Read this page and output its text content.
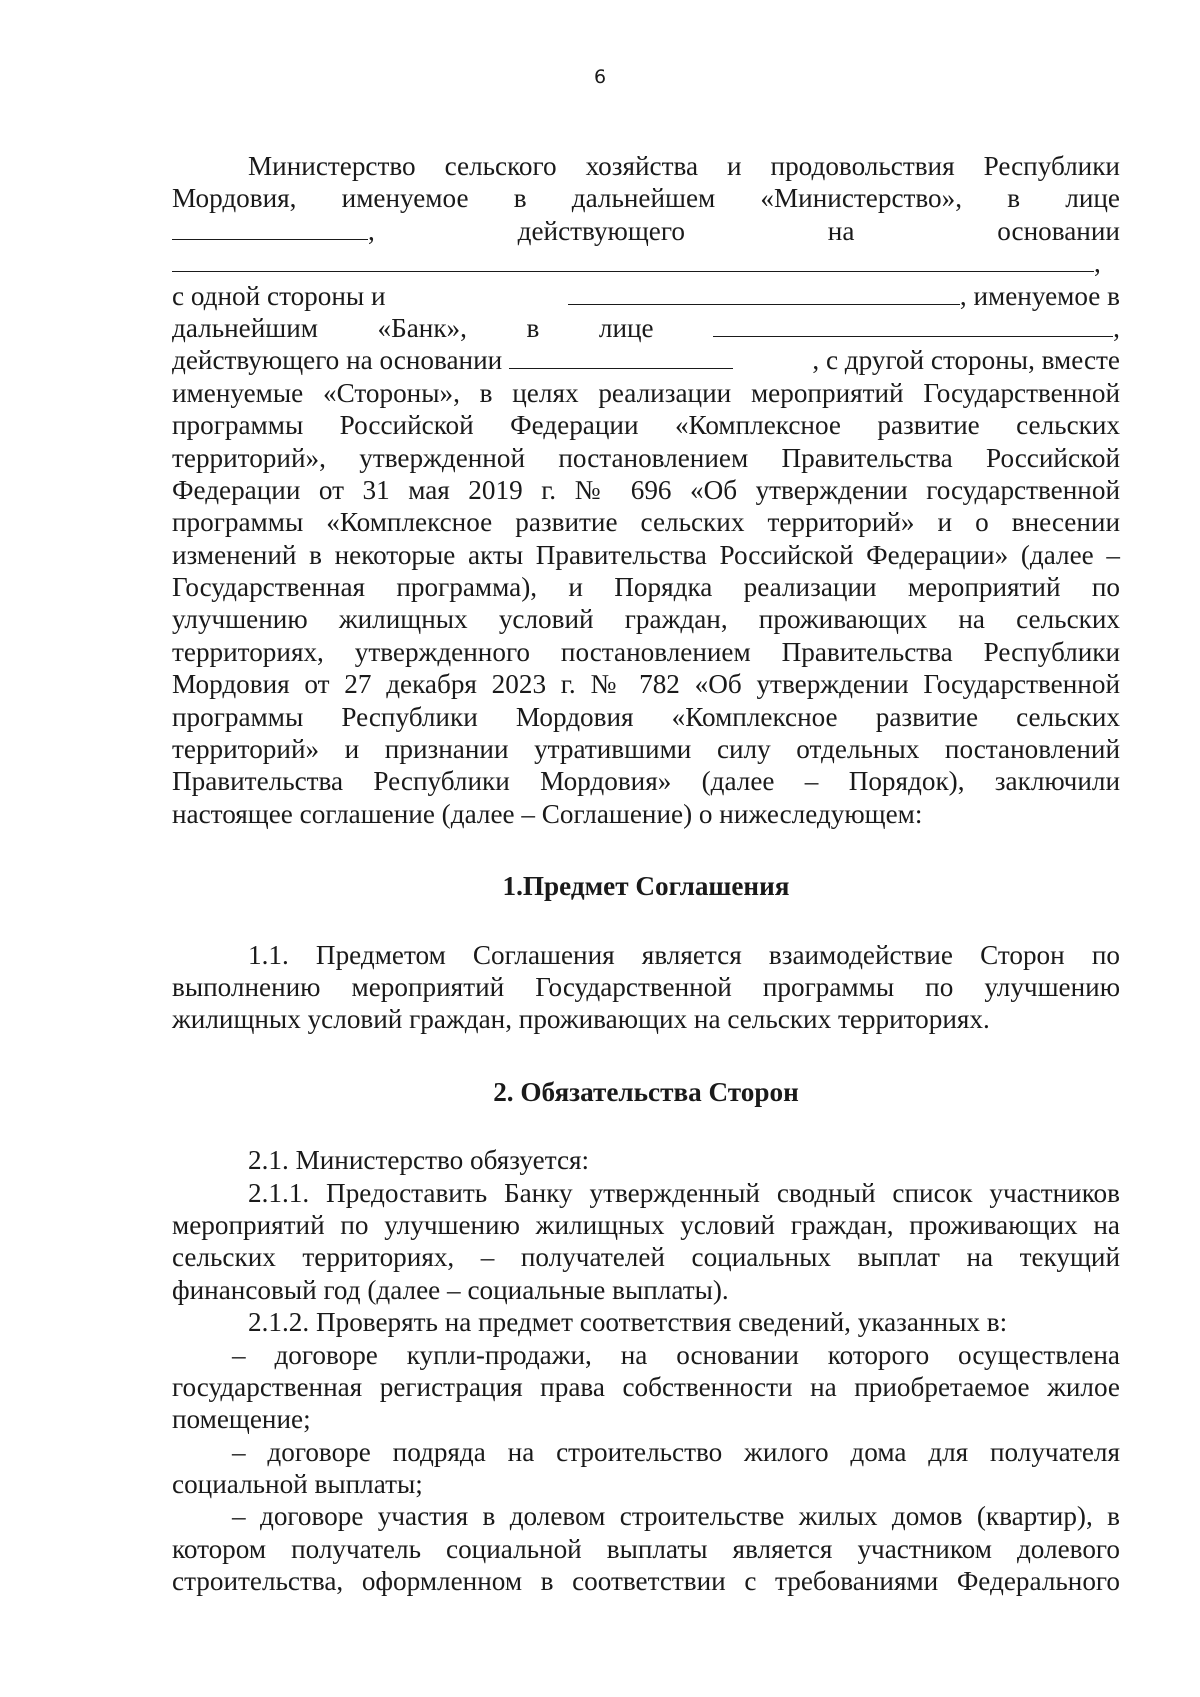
6
Министерство сельского хозяйства и продовольствия Республики
Мордовия, именуемое в дальнейшем «Министерство», в лице
,	действующего	на	основании
,
с одной стороны и	, именуемое в
дальнейшим «Банк», в лице	,
действующего на основании	, с другой стороны, вместе
именуемые «Стороны», в целях реализации мероприятий Государственной
программы Российской Федерации «Комплексное развитие сельских
территорий», утвержденной постановлением Правительства Российской
Федерации от 31 мая 2019 г. № 696 «Об утверждении государственной
программы «Комплексное развитие сельских территорий» и о внесении
изменений в некоторые акты Правительства Российской Федерации» (далее –
Государственная программа), и Порядка реализации мероприятий по
улучшению жилищных условий граждан, проживающих на сельских
территориях, утвержденного постановлением Правительства Республики
Мордовия от 27 декабря 2023 г. № 782 «Об утверждении Государственной
программы Республики Мордовия «Комплексное развитие сельских
территорий» и признании утратившими силу отдельных постановлений
Правительства Республики Мордовия» (далее – Порядок), заключили
настоящее соглашение (далее – Соглашение) о нижеследующем:
1.Предмет Соглашения
1.1. Предметом Соглашения является взаимодействие Сторон по
выполнению мероприятий Государственной программы по улучшению
жилищных условий граждан, проживающих на сельских территориях.
2. Обязательства Сторон
2.1. Министерство обязуется:
2.1.1. Предоставить Банку утвержденный сводный список участников
мероприятий по улучшению жилищных условий граждан, проживающих на
сельских территориях, – получателей социальных выплат на текущий
финансовый год (далее – социальные выплаты).
2.1.2. Проверять на предмет соответствия сведений, указанных в:
– договоре купли-продажи, на основании которого осуществлена
государственная регистрация права собственности на приобретаемое жилое
помещение;
– договоре подряда на строительство жилого дома для получателя
социальной выплаты;
– договоре участия в долевом строительстве жилых домов (квартир), в
котором получатель социальной выплаты является участником долевого
строительства, оформленном в соответствии с требованиями Федерального
